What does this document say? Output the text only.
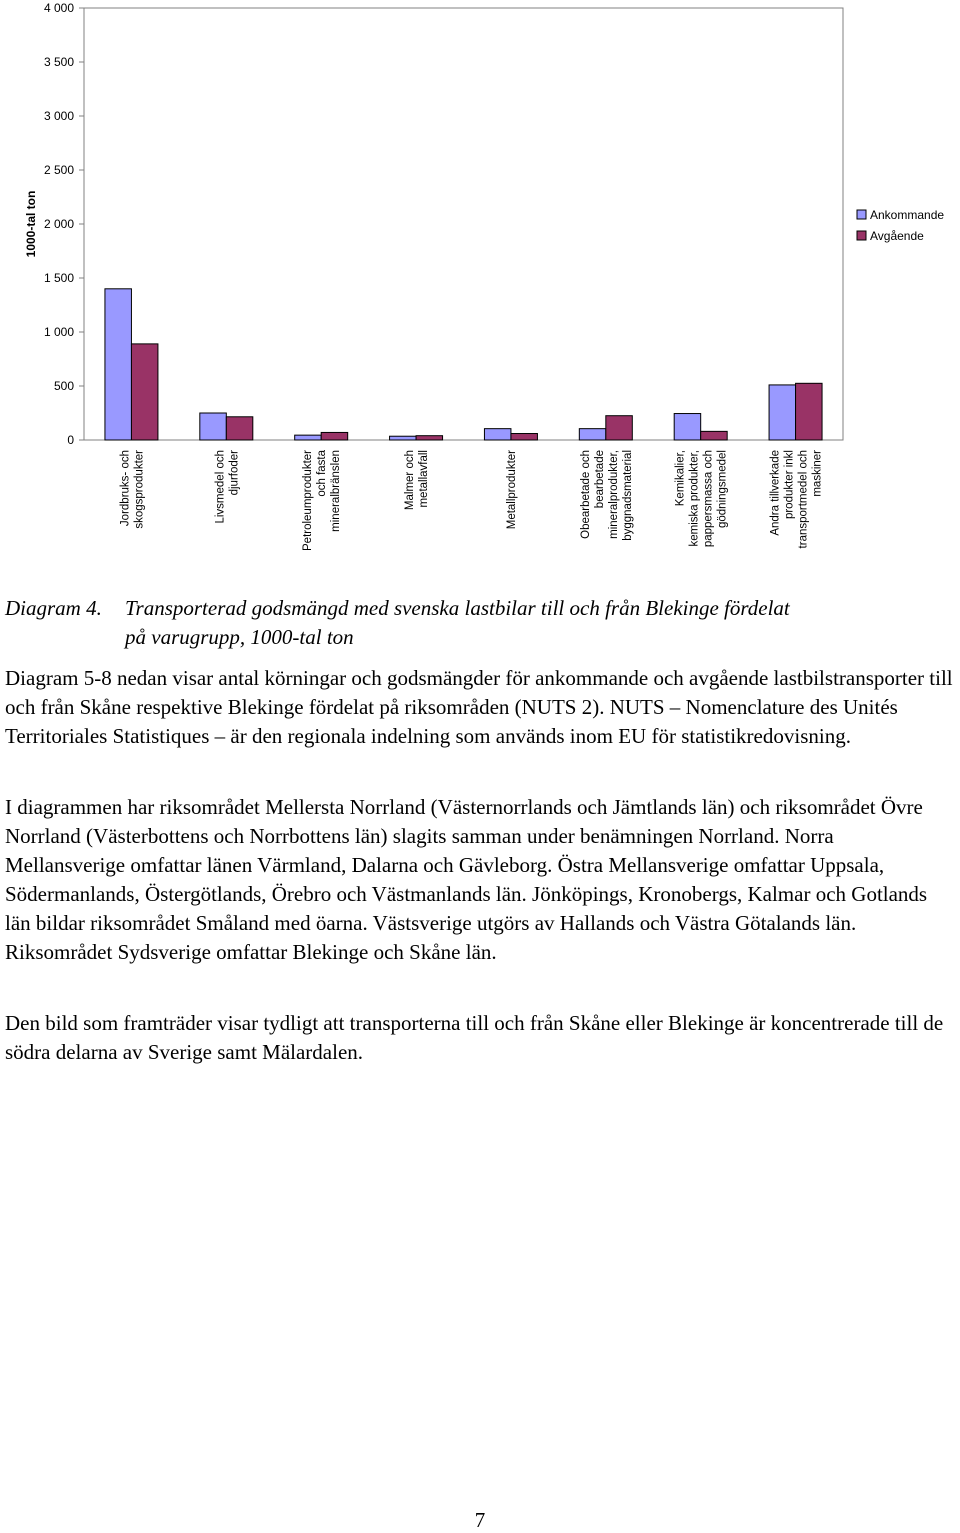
0
500
1 000
1 500
2 000
2 500
3 000
3 500
4 000
1000-tal ton
Jordbruks- och skogsprodukter	Livsmedel och djurfoder	Petroleumprodukter och fasta mineralbränslen	Malmer och metallavfall	Metallprodukter	Obearbetade och bearbetade mineralprodukter, byggnadsmaterial	Kemikalier, kemiska produkter, pappersmassa och gödningsmedel	Andra tillverkade produkter inkl transportmedel och maskiner
Ankommande
Avgående

Diagram 4. Transporterad godsmängd med svenska lastbilar till och från Blekinge fördelat

på varugrupp, 1000-tal ton

Diagram 5-8 nedan visar antal körningar och godsmängder för ankommande och avgående lastbilstransporter till och från Skåne respektive Blekinge fördelat på riksområden (NUTS 2). NUTS – Nomenclature des Unités Territoriales Statistiques – är den regionala indelning som används inom EU för statistikredovisning.

I diagrammen har riksområdet Mellersta Norrland (Västernorrlands och Jämtlands län) och riksområdet Övre Norrland (Västerbottens och Norrbottens län) slagits samman under benämningen Norrland. Norra Mellansverige omfattar länen Värmland, Dalarna och Gävleborg. Östra Mellansverige omfattar Uppsala, Södermanlands, Östergötlands, Örebro och Västmanlands län. Jönköpings, Kronobergs, Kalmar och Gotlands län bildar riksområdet Småland med öarna. Västsverige utgörs av Hallands och Västra Götalands län. Riksområdet Sydsverige omfattar Blekinge och Skåne län.

Den bild som framträder visar tydligt att transporterna till och från Skåne eller Blekinge är koncentrerade till de södra delarna av Sverige samt Mälardalen.

7
